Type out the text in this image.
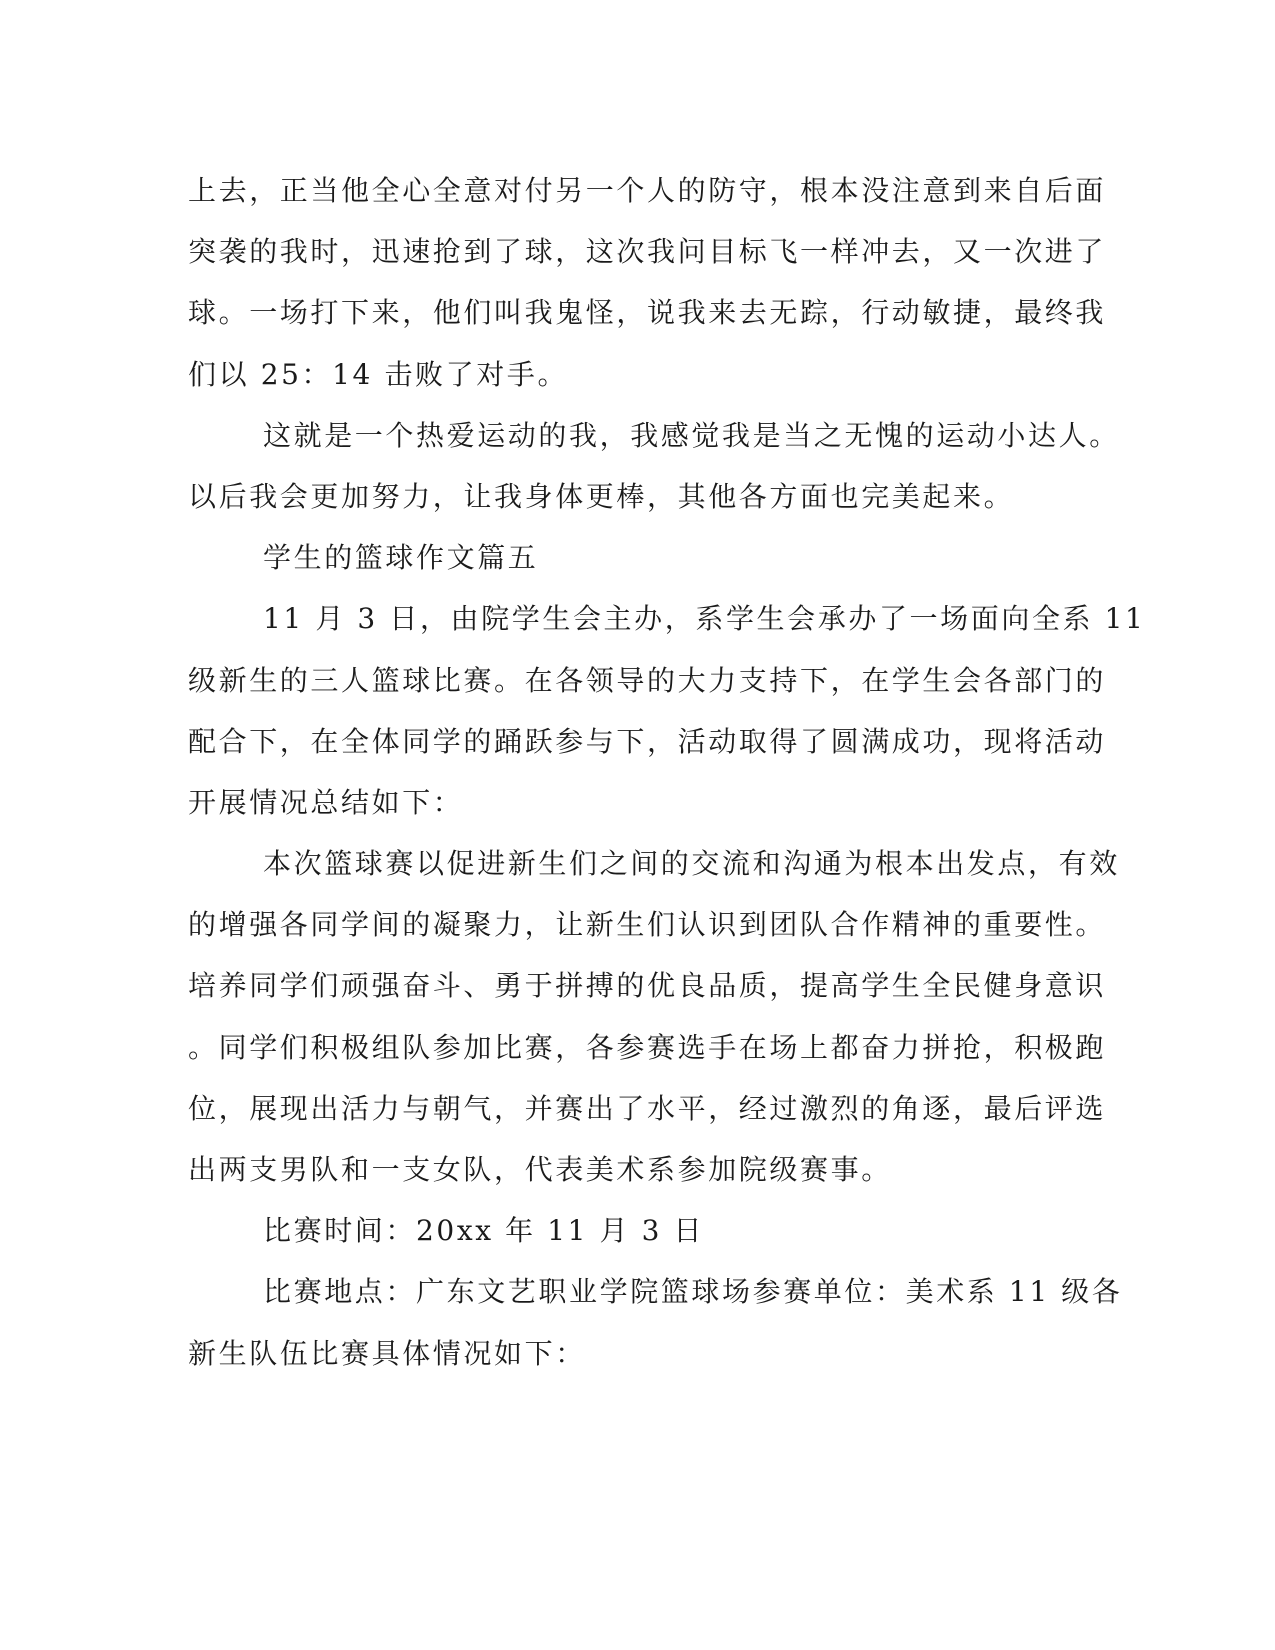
上去，正当他全心全意对付另一个人的防守，根本没注意到来自后面
突袭的我时，迅速抢到了球，这次我问目标飞一样冲去，又一次进了
球。一场打下来，他们叫我鬼怪，说我来去无踪，行动敏捷，最终我
们以 25：14 击败了对手。
这就是一个热爱运动的我，我感觉我是当之无愧的运动小达人。
以后我会更加努力，让我身体更棒，其他各方面也完美起来。
学生的篮球作文篇五
11 月 3 日，由院学生会主办，系学生会承办了一场面向全系 11
级新生的三人篮球比赛。在各领导的大力支持下，在学生会各部门的
配合下，在全体同学的踊跃参与下，活动取得了圆满成功，现将活动
开展情况总结如下：
本次篮球赛以促进新生们之间的交流和沟通为根本出发点，有效
的增强各同学间的凝聚力，让新生们认识到团队合作精神的重要性。
培养同学们顽强奋斗、勇于拼搏的优良品质，提高学生全民健身意识
。同学们积极组队参加比赛，各参赛选手在场上都奋力拼抢，积极跑
位，展现出活力与朝气，并赛出了水平，经过激烈的角逐，最后评选
出两支男队和一支女队，代表美术系参加院级赛事。
比赛时间：20xx 年 11 月 3 日
比赛地点：广东文艺职业学院篮球场参赛单位：美术系 11 级各
新生队伍比赛具体情况如下：
